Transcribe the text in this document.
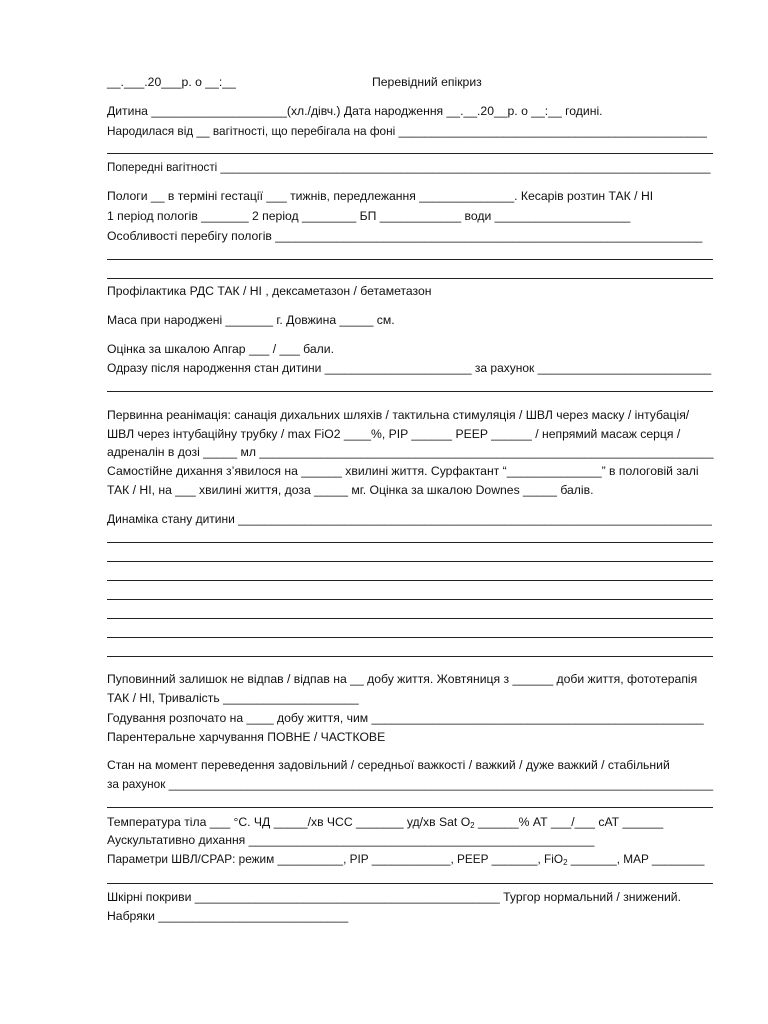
__.___.20___р. о __:__	Перевідний епікриз
Дитина ____________________(хл./дівч.) Дата народження __.__.20__р. о __:__ годині.
Народилася від __ вагітності, що перебігала на фоні _______________________________________________
Попередні вагітності ____________________________________________________________________________
Пологи __ в терміні гестації ___ тижнів, передлежання ______________. Кесарів розтин ТАК / НІ
1 період пологів _______ 2 період ________ БП ____________ води ____________________
Особливості перебігу пологів _______________________________________________________________
Профілактика РДС ТАК / НІ , дексаметазон / бетаметазон
Маса при народжені _______ г. Довжина _____ см.
Оцінка за шкалою Апгар ___ / ___ бали.
Одразу після народження стан дитини ______________________ за рахунок __________________________
Первинна реанімація: санація дихальних шляхів / тактильна стимуляція / ШВЛ через маску / інтубація/
ШВЛ через інтубаційну трубку / max FiO2 ____%, PIP ______ PEEP ______ / непрямий масаж серця /
адреналін в дозі _____ мл ___________________________________________________________________
Самостійне дихання з’явилося на ______ хвилині життя. Сурфактант “______________” в пологовій залі
ТАК / НІ, на ___ хвилині життя, доза _____ мг. Оцінка за шкалою Downes _____ балів.
Динаміка стану дитини _______________________________________________________________________
Пуповинний залишок не відпав / відпав на __ добу життя. Жовтяниця з ______ доби життя, фототерапія
ТАК / НІ, Тривалість ____________________
Годування розпочато на ____ добу життя, чим _________________________________________________
Парентеральне харчування ПОВНЕ / ЧАСТКОВЕ
Стан на момент переведення задовільний / середньої важкості / важкий / дуже важкий / стабільний
за рахунок ___________________________________________________________________________________
Температура тіла ___ °С. ЧД _____/хв ЧСС _______ уд/хв Sat $O_2$ ______% АТ ___/___ сАТ ______
Аускультативно дихання ___________________________________________________
Параметри ШВЛ/CPAP: режим __________, PIP ____________, PEEP _______, FiO$_2$ _______, MAP ________
Шкірні покриви _____________________________________________ Тургор нормальний / знижений.
Набряки ____________________________
